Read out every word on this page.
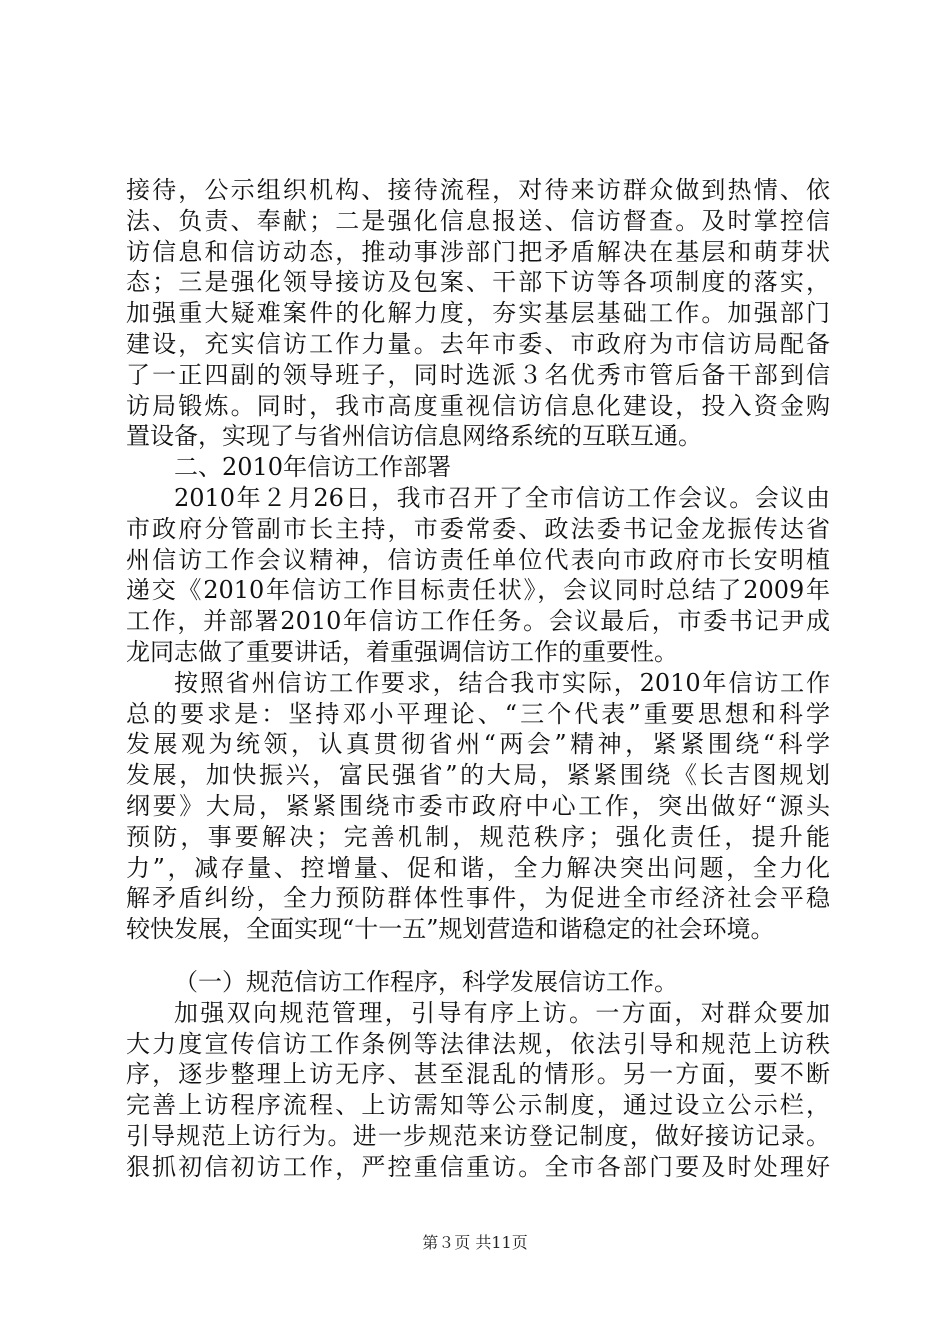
接待，公示组织机构、接待流程，对待来访群众做到热情、依
法、负责、奉献；二是强化信息报送、信访督查。及时掌控信
访信息和信访动态，推动事涉部门把矛盾解决在基层和萌芽状
态；三是强化领导接访及包案、干部下访等各项制度的落实，
加强重大疑难案件的化解力度，夯实基层基础工作。加强部门
建设，充实信访工作力量。去年市委、市政府为市信访局配备
了一正四副的领导班子，同时选派３名优秀市管后备干部到信
访局锻炼。同时，我市高度重视信访信息化建设，投入资金购
置设备，实现了与省州信访信息网络系统的互联互通。
二、2010年信访工作部署
2010年２月26日，我市召开了全市信访工作会议。会议由
市政府分管副市长主持，市委常委、政法委书记金龙振传达省
州信访工作会议精神，信访责任单位代表向市政府市长安明植
递交《2010年信访工作目标责任状》，会议同时总结了2009年
工作，并部署2010年信访工作任务。会议最后，市委书记尹成
龙同志做了重要讲话，着重强调信访工作的重要性。
按照省州信访工作要求，结合我市实际，2010年信访工作
总的要求是：坚持邓小平理论、“三个代表”重要思想和科学
发展观为统领，认真贯彻省州“两会”精神，紧紧围绕“科学
发展，加快振兴，富民强省”的大局，紧紧围绕《长吉图规划
纲要》大局，紧紧围绕市委市政府中心工作，突出做好“源头
预防，事要解决；完善机制，规范秩序；强化责任，提升能
力”，减存量、控增量、促和谐，全力解决突出问题，全力化
解矛盾纠纷，全力预防群体性事件，为促进全市经济社会平稳
较快发展，全面实现“十一五”规划营造和谐稳定的社会环境。
（一）规范信访工作程序，科学发展信访工作。
加强双向规范管理，引导有序上访。一方面，对群众要加
大力度宣传信访工作条例等法律法规，依法引导和规范上访秩
序，逐步整理上访无序、甚至混乱的情形。另一方面，要不断
完善上访程序流程、上访需知等公示制度，通过设立公示栏，
引导规范上访行为。进一步规范来访登记制度，做好接访记录。
狠抓初信初访工作，严控重信重访。全市各部门要及时处理好
第３页 共11页
